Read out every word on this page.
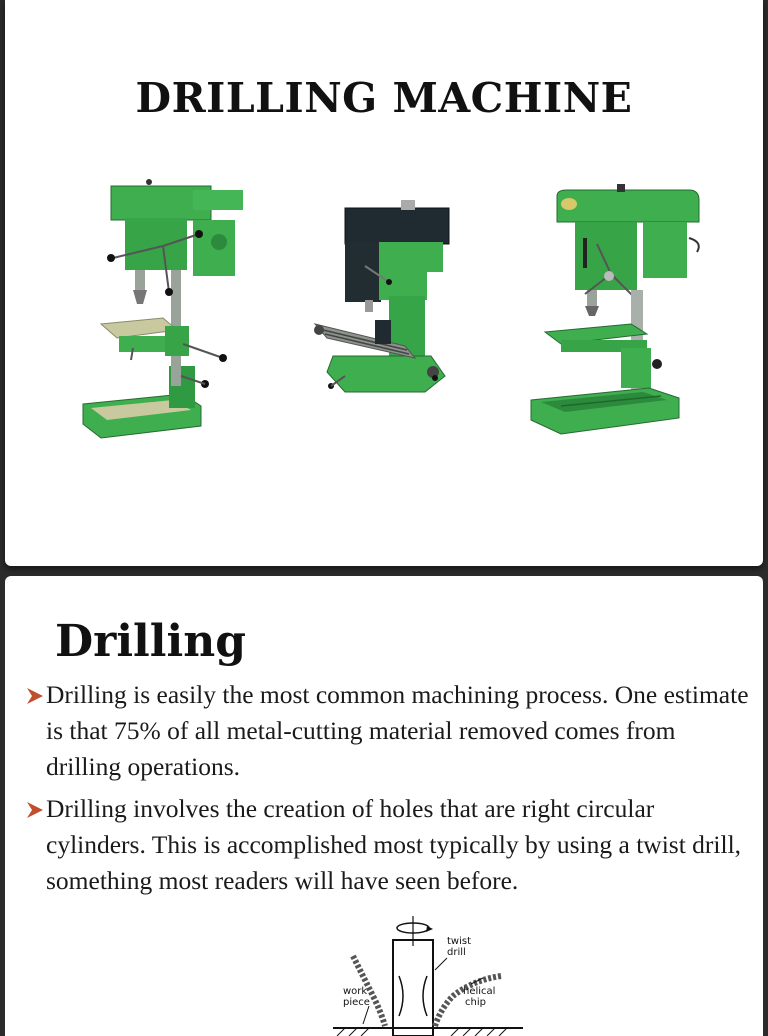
DRILLING MACHINE
Drilling
Drilling is easily the most common machining process. One estimate is that 75% of all metal-cutting material removed comes from drilling operations.
Drilling involves the creation of holes that are right circular cylinders. This is accomplished most typically by using a twist drill, something most readers will have seen before.
twist
drill
work
piece
helical
chip
